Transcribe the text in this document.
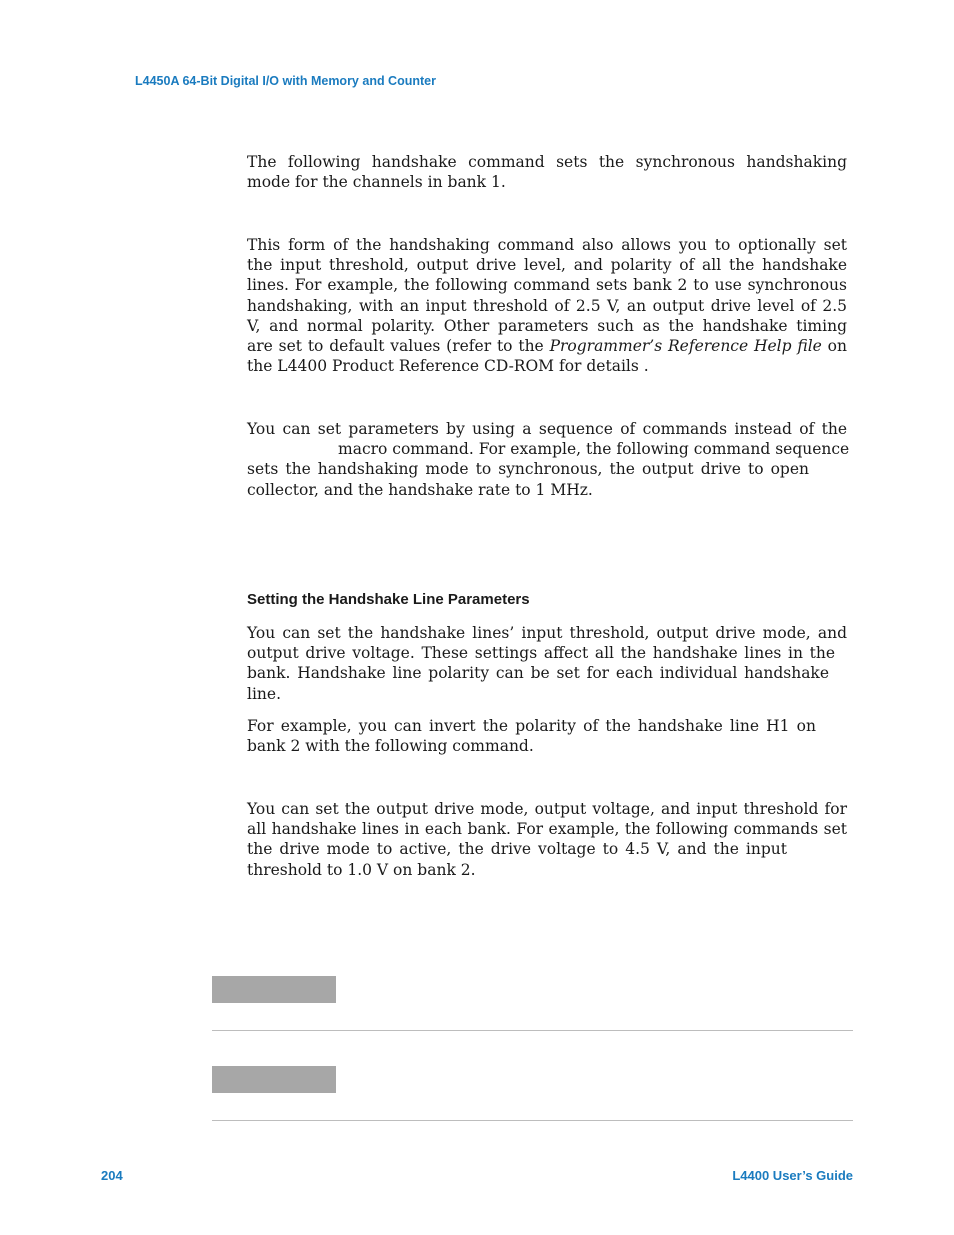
L4450A 64-Bit Digital I/O with Memory and Counter
The following handshake command sets the synchronous handshaking
mode for the channels in bank 1.
This form of the handshaking command also allows you to optionally set
the input threshold, output drive level, and polarity of all the handshake
lines. For example, the following command sets bank 2 to use synchronous
handshaking, with an input threshold of 2.5 V, an output drive level of 2.5
V, and normal polarity. Other parameters such as the handshake timing
are set to default values (refer to the Programmer’s Reference Help file on
the L4400 Product Reference CD-ROM for details .
You can set parameters by using a sequence of commands instead of the
macro command. For example, the following command sequence
sets the handshaking mode to synchronous, the output drive to open
collector, and the handshake rate to 1 MHz.
Setting the Handshake Line Parameters
You can set the handshake lines’ input threshold, output drive mode, and
output drive voltage. These settings affect all the handshake lines in the
bank. Handshake line polarity can be set for each individual handshake
line.
For example, you can invert the polarity of the handshake line H1 on
bank 2 with the following command.
You can set the output drive mode, output voltage, and input threshold for
all handshake lines in each bank. For example, the following commands set
the drive mode to active, the drive voltage to 4.5 V, and the input
threshold to 1.0 V on bank 2.
204	L4400 User’s Guide
